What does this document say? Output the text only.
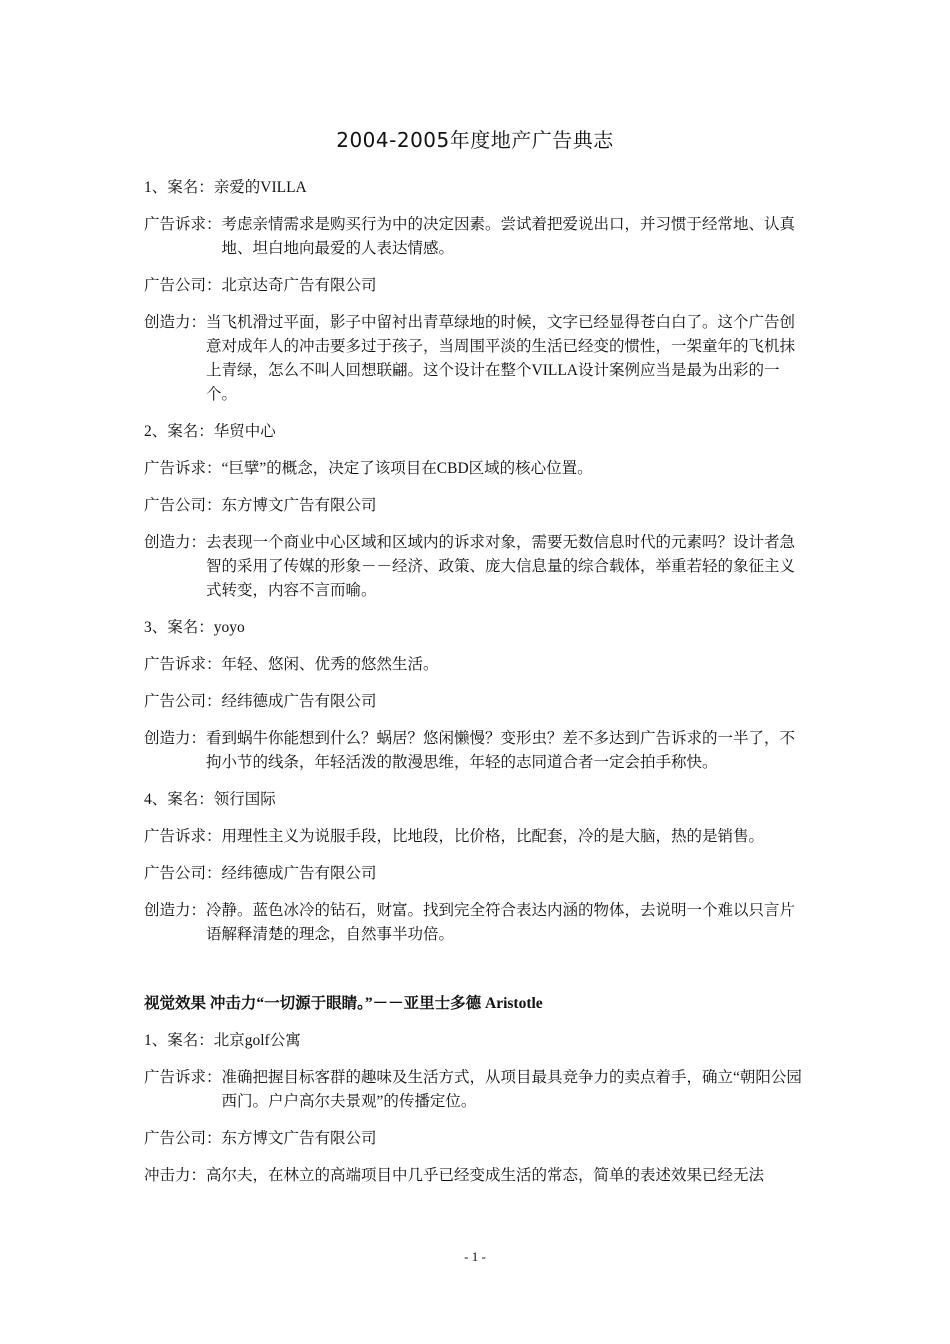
2004-2005年度地产广告典志
1、案名：亲爱的VILLA
广告诉求： 考虑亲情需求是购买行为中的决定因素。尝试着把爱说出口，并习惯于经常地、认真地、坦白地向最爱的人表达情感。
广告公司：北京达奇广告有限公司
创造力： 当飞机滑过平面，影子中留衬出青草绿地的时候，文字已经显得苍白白了。这个广告创意对成年人的冲击要多过于孩子，当周围平淡的生活已经变的惯性，一架童年的飞机抹上青绿，怎么不叫人回想联翩。这个设计在整个VILLA设计案例应当是最为出彩的一个。
2、案名：华贸中心
广告诉求： “巨擘”的概念，决定了该项目在CBD区域的核心位置。
广告公司：东方博文广告有限公司
创造力： 去表现一个商业中心区域和区域内的诉求对象，需要无数信息时代的元素吗？设计者急智的采用了传媒的形象－－经济、政策、庞大信息量的综合载体，举重若轻的象征主义式转变，内容不言而喻。
3、案名：yoyo
广告诉求： 年轻、悠闲、优秀的悠然生活。
广告公司：经纬德成广告有限公司
创造力： 看到蜗牛你能想到什么？蜗居？悠闲懒慢？变形虫？差不多达到广告诉求的一半了，不拘小节的线条，年轻活泼的散漫思维，年轻的志同道合者一定会拍手称快。
4、案名：领行国际
广告诉求： 用理性主义为说服手段，比地段，比价格，比配套，冷的是大脑，热的是销售。
广告公司：经纬德成广告有限公司
创造力： 冷静。蓝色冰冷的钻石，财富。找到完全符合表达内涵的物体，去说明一个难以只言片语解释清楚的理念，自然事半功倍。
视觉效果 冲击力“一切源于眼睛。”－－亚里士多德 Aristotle
1、案名：北京golf公寓
广告诉求： 准确把握目标客群的趣味及生活方式，从项目最具竞争力的卖点着手，确立“朝阳公园西门。户户高尔夫景观”的传播定位。
广告公司：东方博文广告有限公司
冲击力： 高尔夫，在林立的高端项目中几乎已经变成生活的常态，简单的表述效果已经无法
- 1 -
